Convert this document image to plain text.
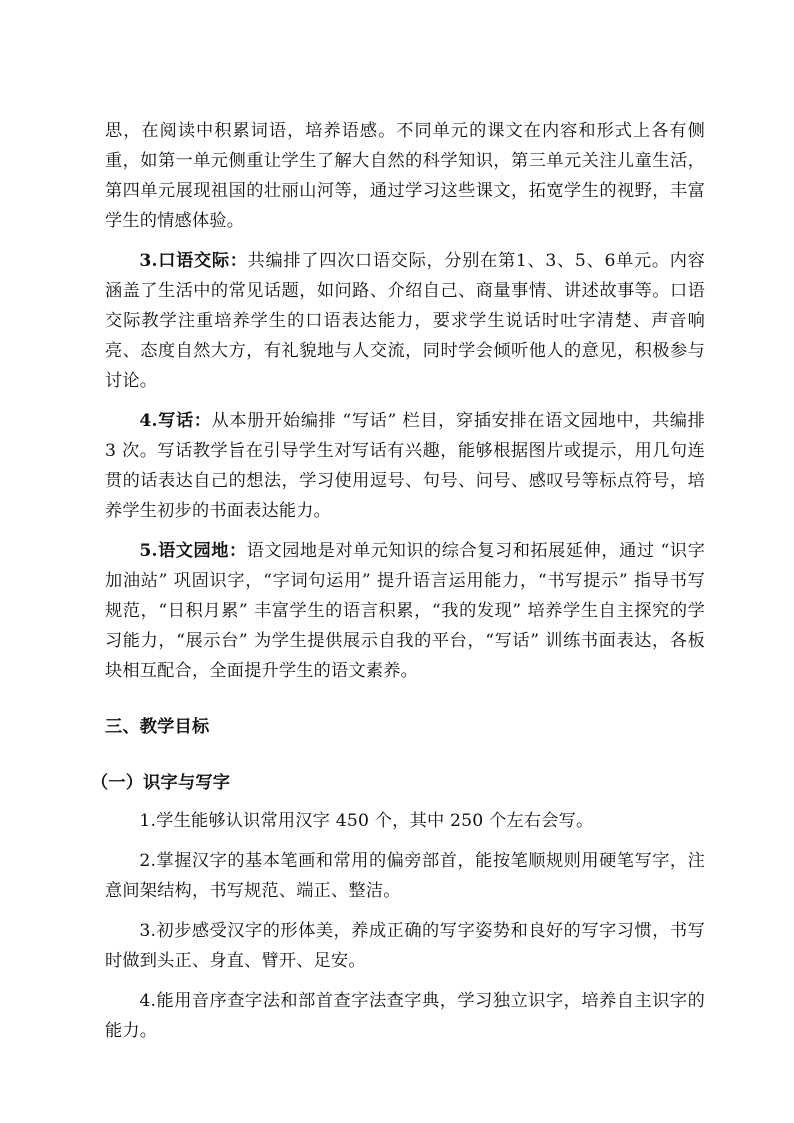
思，在阅读中积累词语，培养语感。不同单元的课文在内容和形式上各有侧重，如第一单元侧重让学生了解大自然的科学知识，第三单元关注儿童生活，第四单元展现祖国的壮丽山河等，通过学习这些课文，拓宽学生的视野，丰富学生的情感体验。

3.口语交际：共编排了四次口语交际，分别在第1、3、5、6单元。内容涵盖了生活中的常见话题，如问路、介绍自己、商量事情、讲述故事等。口语交际教学注重培养学生的口语表达能力，要求学生说话时吐字清楚、声音响亮、态度自然大方，有礼貌地与人交流，同时学会倾听他人的意见，积极参与讨论。

4.写话：从本册开始编排 “写话” 栏目，穿插安排在语文园地中，共编排 3 次。写话教学旨在引导学生对写话有兴趣，能够根据图片或提示，用几句连贯的话表达自己的想法，学习使用逗号、句号、问号、感叹号等标点符号，培养学生初步的书面表达能力。

5.语文园地：语文园地是对单元知识的综合复习和拓展延伸，通过 “识字加油站” 巩固识字，“字词句运用” 提升语言运用能力，“书写提示” 指导书写规范，“日积月累” 丰富学生的语言积累，“我的发现” 培养学生自主探究的学习能力，“展示台” 为学生提供展示自我的平台，“写话” 训练书面表达，各板块相互配合，全面提升学生的语文素养。

三、教学目标
（一）识字与写字

1.学生能够认识常用汉字 450 个，其中 250 个左右会写。

2.掌握汉字的基本笔画和常用的偏旁部首，能按笔顺规则用硬笔写字，注意间架结构，书写规范、端正、整洁。

3.初步感受汉字的形体美，养成正确的写字姿势和良好的写字习惯，书写时做到头正、身直、臂开、足安。

4.能用音序查字法和部首查字法查字典，学习独立识字，培养自主识字的能力。
